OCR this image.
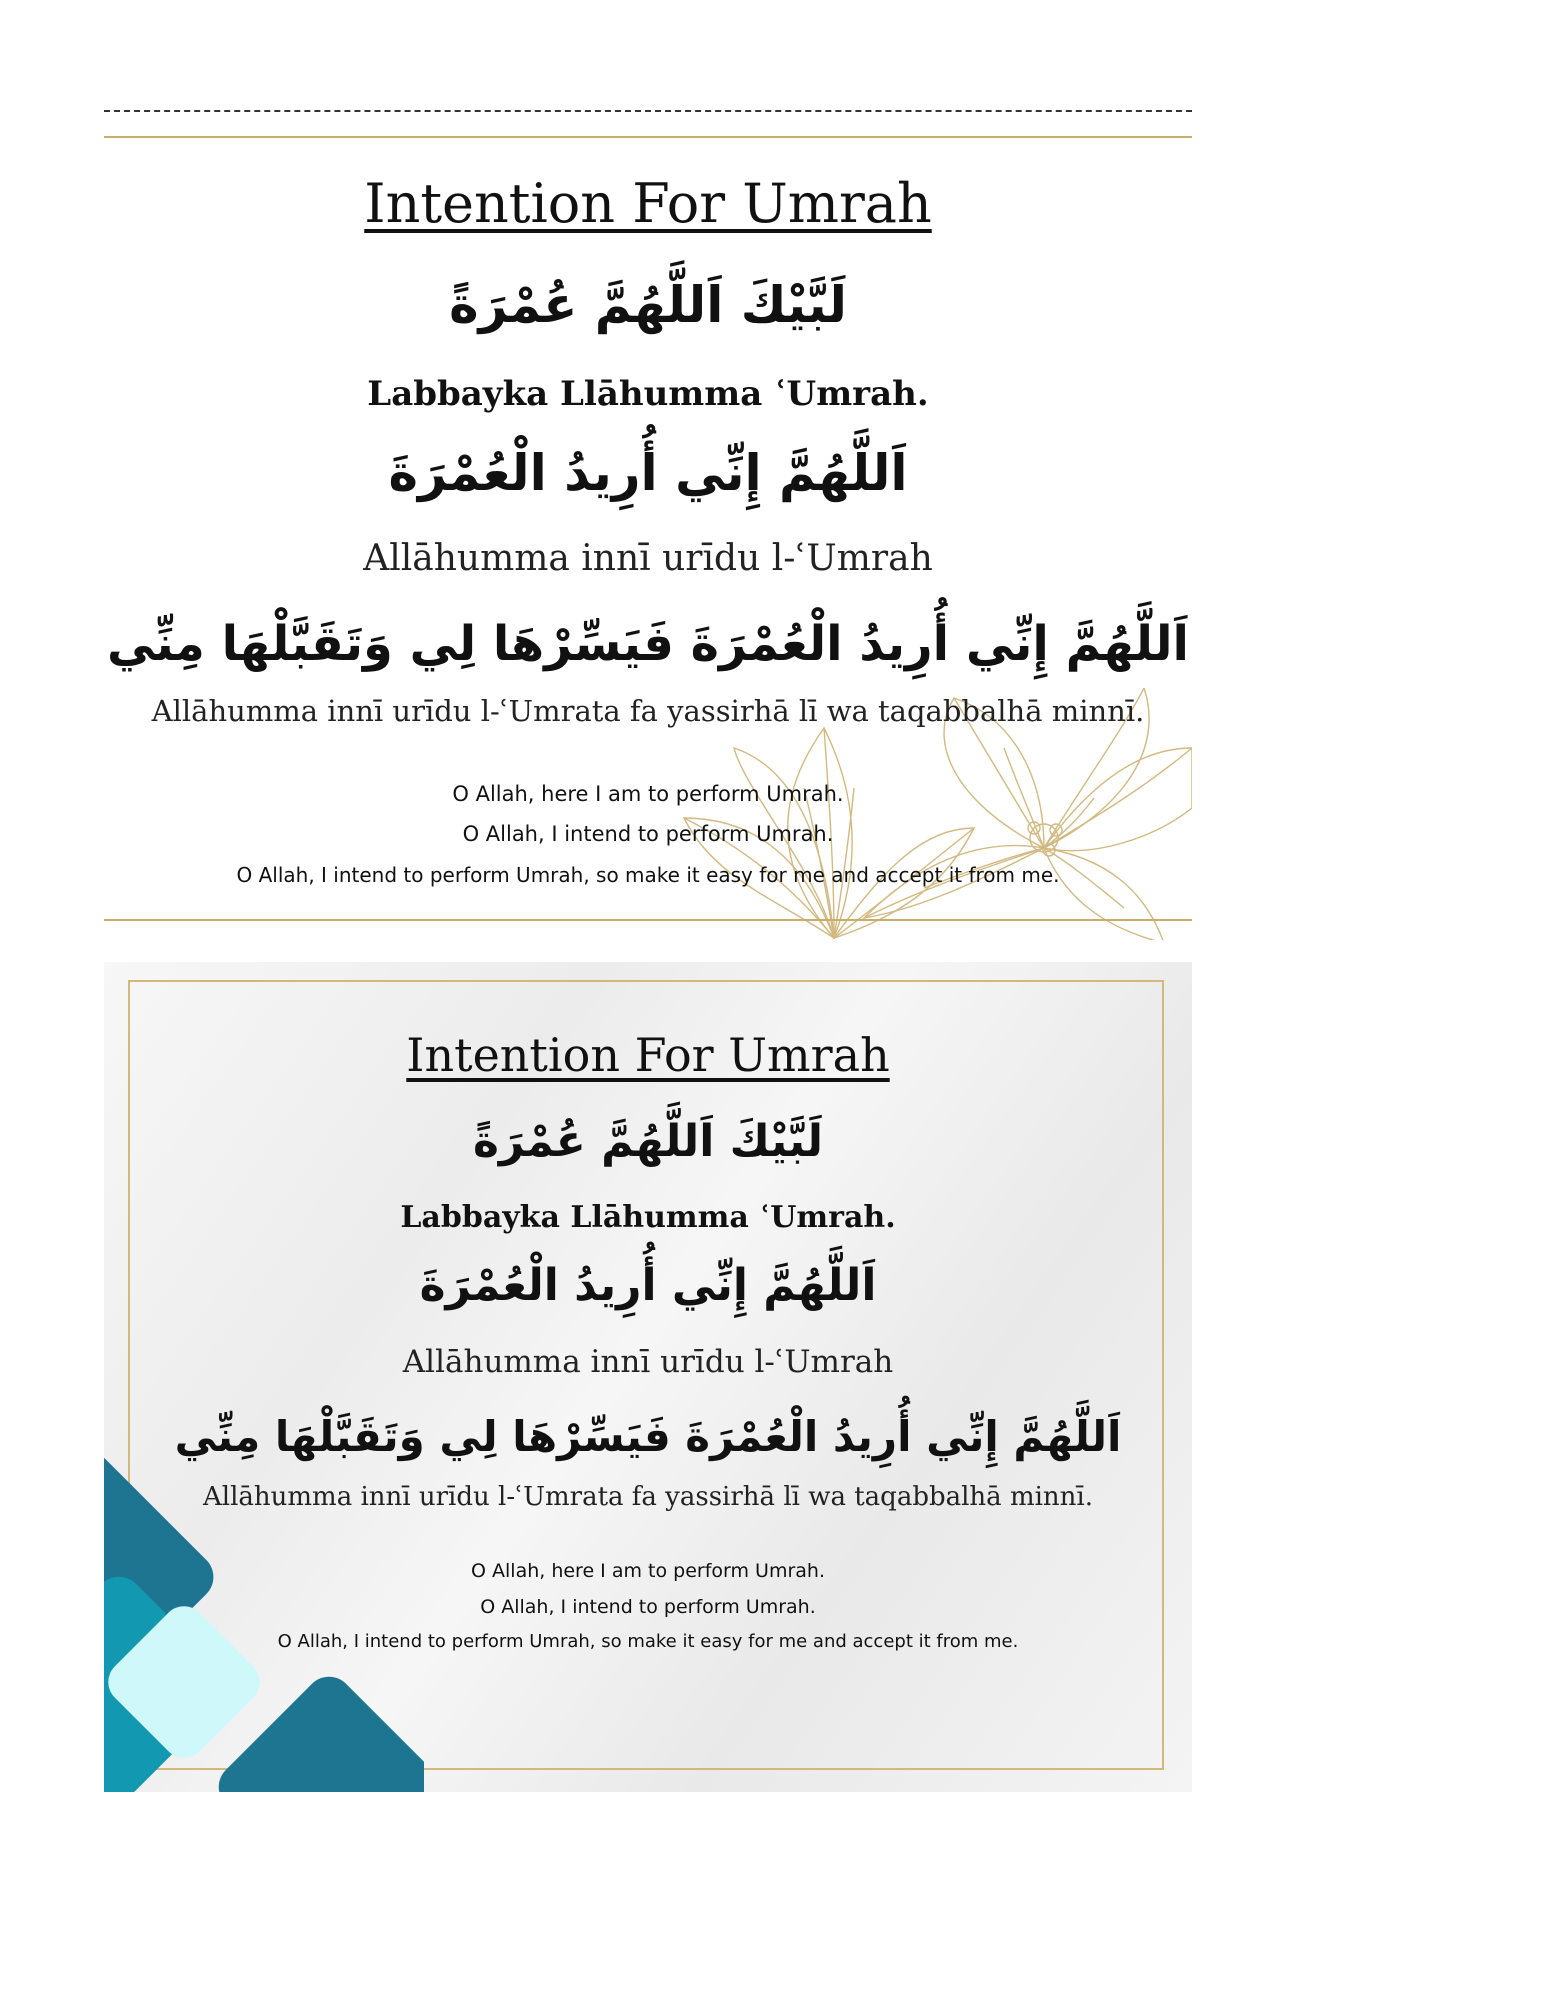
Intention For Umrah

لَبَّيْكَ اَللَّهُمَّ عُمْرَةً

Labbayka Llāhumma ʿUmrah.

اَللَّهُمَّ إِنِّي أُرِيدُ الْعُمْرَةَ

Allāhumma innī urīdu l-ʿUmrah

اَللَّهُمَّ إِنِّي أُرِيدُ الْعُمْرَةَ فَيَسِّرْهَا لِي وَتَقَبَّلْهَا مِنِّي

Allāhumma innī urīdu l-ʿUmrata fa yassirhā lī wa taqabbalhā minnī.

O Allah, here I am to perform Umrah.

O Allah, I intend to perform Umrah.

O Allah, I intend to perform Umrah, so make it easy for me and accept it from me.

Intention For Umrah

لَبَّيْكَ اَللَّهُمَّ عُمْرَةً

Labbayka Llāhumma ʿUmrah.

اَللَّهُمَّ إِنِّي أُرِيدُ الْعُمْرَةَ

Allāhumma innī urīdu l-ʿUmrah

اَللَّهُمَّ إِنِّي أُرِيدُ الْعُمْرَةَ فَيَسِّرْهَا لِي وَتَقَبَّلْهَا مِنِّي

Allāhumma innī urīdu l-ʿUmrata fa yassirhā lī wa taqabbalhā minnī.

O Allah, here I am to perform Umrah.

O Allah, I intend to perform Umrah.

O Allah, I intend to perform Umrah, so make it easy for me and accept it from me.
